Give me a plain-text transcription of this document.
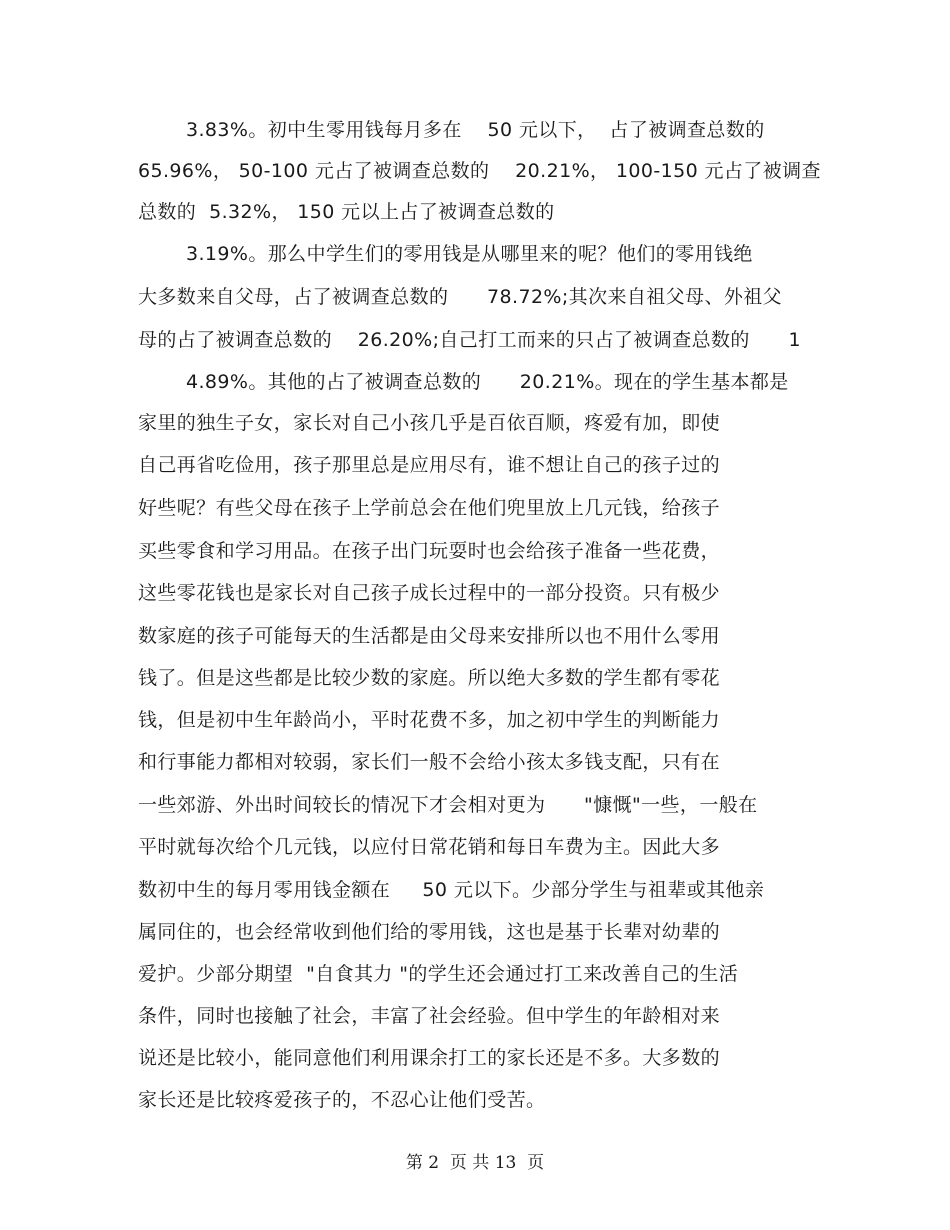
3.83%。初中生零用钱每月多在    50 元以下，  占了被调查总数的
65.96%， 50-100 元占了被调查总数的    20.21%， 100-150 元占了被调查
总数的  5.32%， 150 元以上占了被调查总数的
3.19%。那么中学生们的零用钱是从哪里来的呢？他们的零用钱绝
大多数来自父母，占了被调查总数的      78.72%;其次来自祖父母、外祖父
母的占了被调查总数的    26.20%;自己打工而来的只占了被调查总数的      1
4.89%。其他的占了被调查总数的      20.21%。现在的学生基本都是
家里的独生子女，家长对自己小孩几乎是百依百顺，疼爱有加，即使
自己再省吃俭用，孩子那里总是应用尽有，谁不想让自己的孩子过的
好些呢？有些父母在孩子上学前总会在他们兜里放上几元钱，给孩子
买些零食和学习用品。在孩子出门玩耍时也会给孩子准备一些花费，
这些零花钱也是家长对自己孩子成长过程中的一部分投资。只有极少
数家庭的孩子可能每天的生活都是由父母来安排所以也不用什么零用
钱了。但是这些都是比较少数的家庭。所以绝大多数的学生都有零花
钱，但是初中生年龄尚小，平时花费不多，加之初中学生的判断能力
和行事能力都相对较弱，家长们一般不会给小孩太多钱支配，只有在
一些郊游、外出时间较长的情况下才会相对更为      "慷慨"一些，一般在
平时就每次给个几元钱，以应付日常花销和每日车费为主。因此大多
数初中生的每月零用钱金额在     50 元以下。少部分学生与祖辈或其他亲
属同住的，也会经常收到他们给的零用钱，这也是基于长辈对幼辈的
爱护。少部分期望  "自食其力 "的学生还会通过打工来改善自己的生活
条件，同时也接触了社会，丰富了社会经验。但中学生的年龄相对来
说还是比较小，能同意他们利用课余打工的家长还是不多。大多数的
家长还是比较疼爱孩子的，不忍心让他们受苦。
第 2  页 共 13  页
